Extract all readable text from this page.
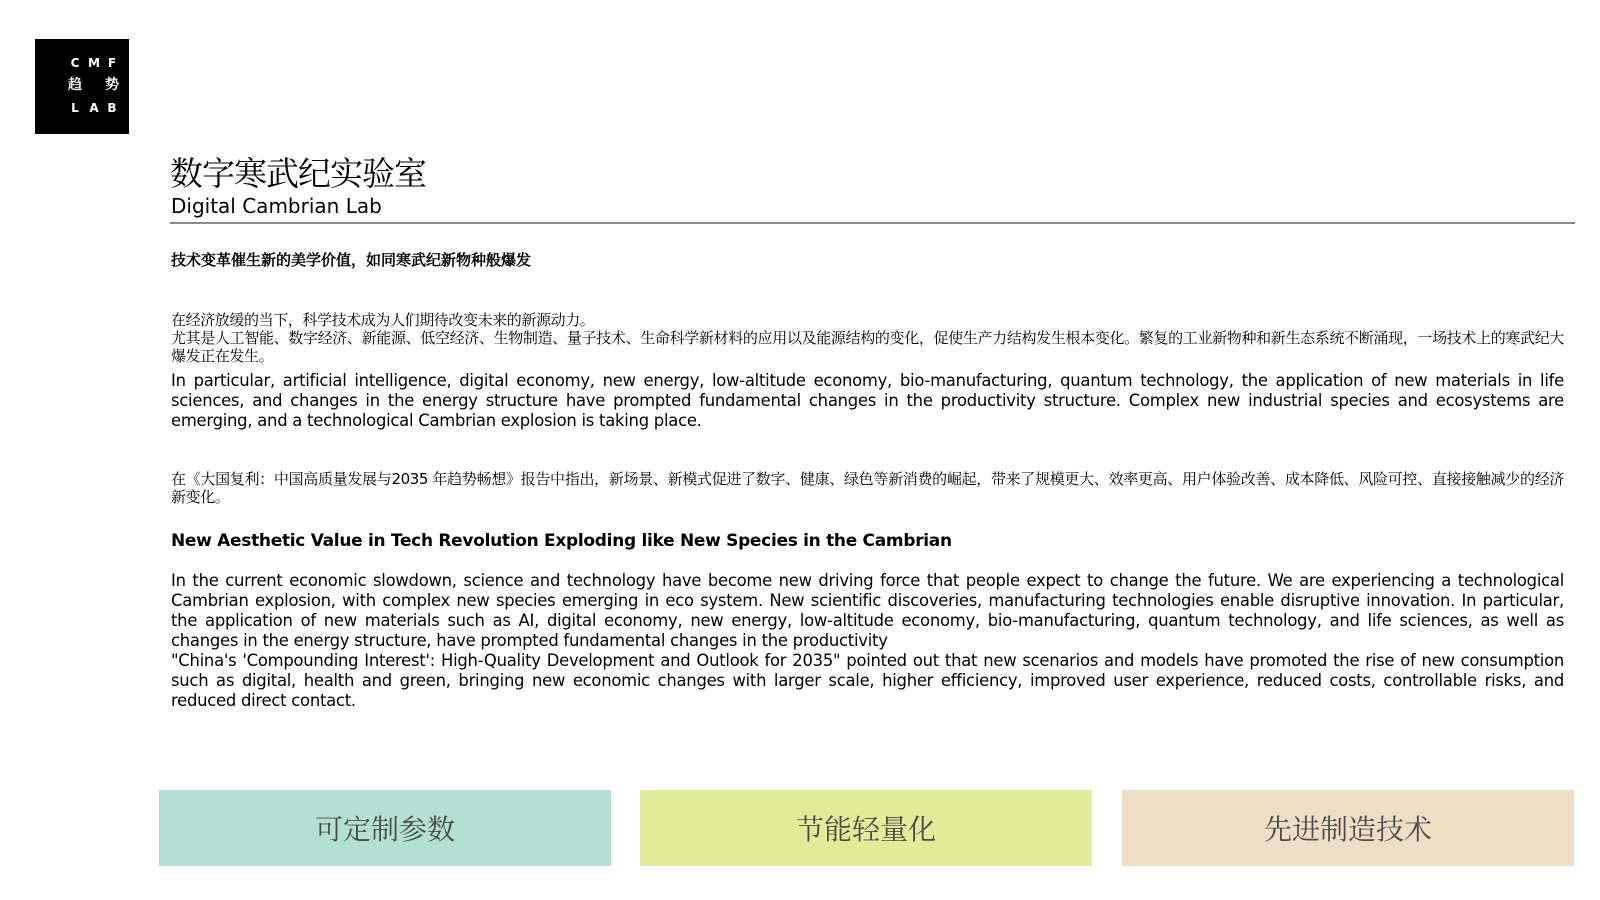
C M F
趋 势
L A B
数字寒武纪实验室
Digital Cambrian Lab
技术变革催生新的美学价值，如同寒武纪新物种般爆发

在经济放缓的当下，科学技术成为人们期待改变未来的新源动力。

尤其是人工智能、数字经济、新能源、低空经济、生物制造、量子技术、生命科学新材料的应用以及能源结构的变化，促使生产力结构发生根本变化。繁复的工业新物种和新生态系统不断涌现，一场技术上的寒武纪大爆发正在发生。

In particular, artificial intelligence, digital economy, new energy, low-altitude economy, bio-manufacturing, quantum technology, the application of new materials in life sciences, and changes in the energy structure have prompted fundamental changes in the productivity structure. Complex new industrial species and ecosystems are emerging, and a technological Cambrian explosion is taking place.

在《大国复利：中国高质量发展与2035 年趋势畅想》报告中指出，新场景、新模式促进了数字、健康、绿色等新消费的崛起，带来了规模更大、效率更高、用户体验改善、成本降低、风险可控、直接接触减少的经济新变化。

New Aesthetic Value in Tech Revolution Exploding like New Species in the Cambrian

In the current economic slowdown, science and technology have become new driving force that people expect to change the future. We are experiencing a technological Cambrian explosion, with complex new species emerging in eco system. New scientific discoveries, manufacturing technologies enable disruptive innovation. In particular, the application of new materials such as AI, digital economy, new energy, low-altitude economy, bio-manufacturing, quantum technology, and life sciences, as well as changes in the energy structure, have prompted fundamental changes in the productivity

"China's 'Compounding Interest': High-Quality Development and Outlook for 2035" pointed out that new scenarios and models have promoted the rise of new consumption such as digital, health and green, bringing new economic changes with larger scale, higher efficiency, improved user experience, reduced costs, controllable risks, and reduced direct contact.

可定制参数	节能轻量化	先进制造技术
